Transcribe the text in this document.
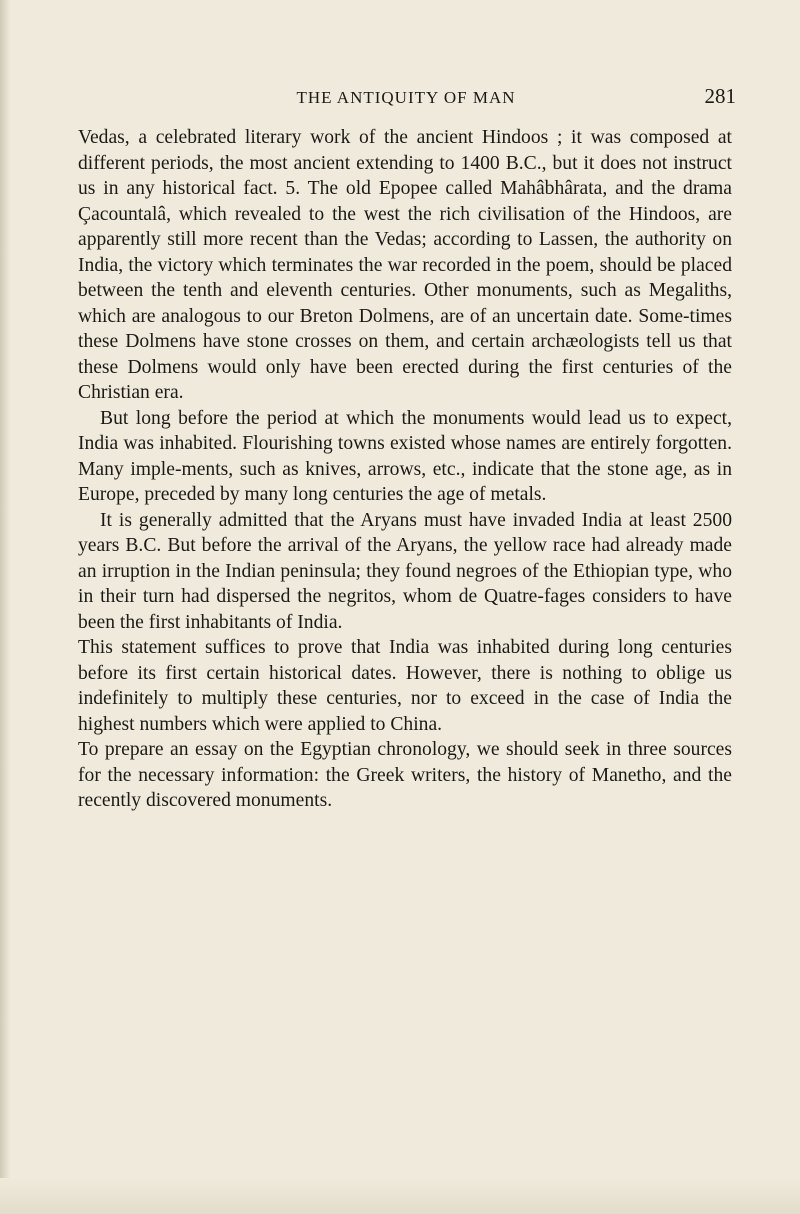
THE ANTIQUITY OF MAN	281

Vedas, a celebrated literary work of the ancient Hindoos ; it was composed at different periods, the most ancient extending to 1400 B.C., but it does not instruct us in any historical fact. 5. The old Epopee called Mahâbhârata, and the drama Çacountalâ, which revealed to the west the rich civilisation of the Hindoos, are apparently still more recent than the Vedas; according to Lassen, the authority on India, the victory which terminates the war recorded in the poem, should be placed between the tenth and eleventh centuries. Other monuments, such as Megaliths, which are analogous to our Breton Dolmens, are of an uncertain date. Some-times these Dolmens have stone crosses on them, and certain archæologists tell us that these Dolmens would only have been erected during the first centuries of the Christian era.

But long before the period at which the monuments would lead us to expect, India was inhabited. Flourishing towns existed whose names are entirely forgotten. Many imple-ments, such as knives, arrows, etc., indicate that the stone age, as in Europe, preceded by many long centuries the age of metals.

It is generally admitted that the Aryans must have invaded India at least 2500 years B.C. But before the arrival of the Aryans, the yellow race had already made an irruption in the Indian peninsula; they found negroes of the Ethiopian type, who in their turn had dispersed the negritos, whom de Quatre-fages considers to have been the first inhabitants of India.

This statement suffices to prove that India was inhabited during long centuries before its first certain historical dates. However, there is nothing to oblige us indefinitely to multiply these centuries, nor to exceed in the case of India the highest numbers which were applied to China.

To prepare an essay on the Egyptian chronology, we should seek in three sources for the necessary information: the Greek writers, the history of Manetho, and the recently discovered monuments.
